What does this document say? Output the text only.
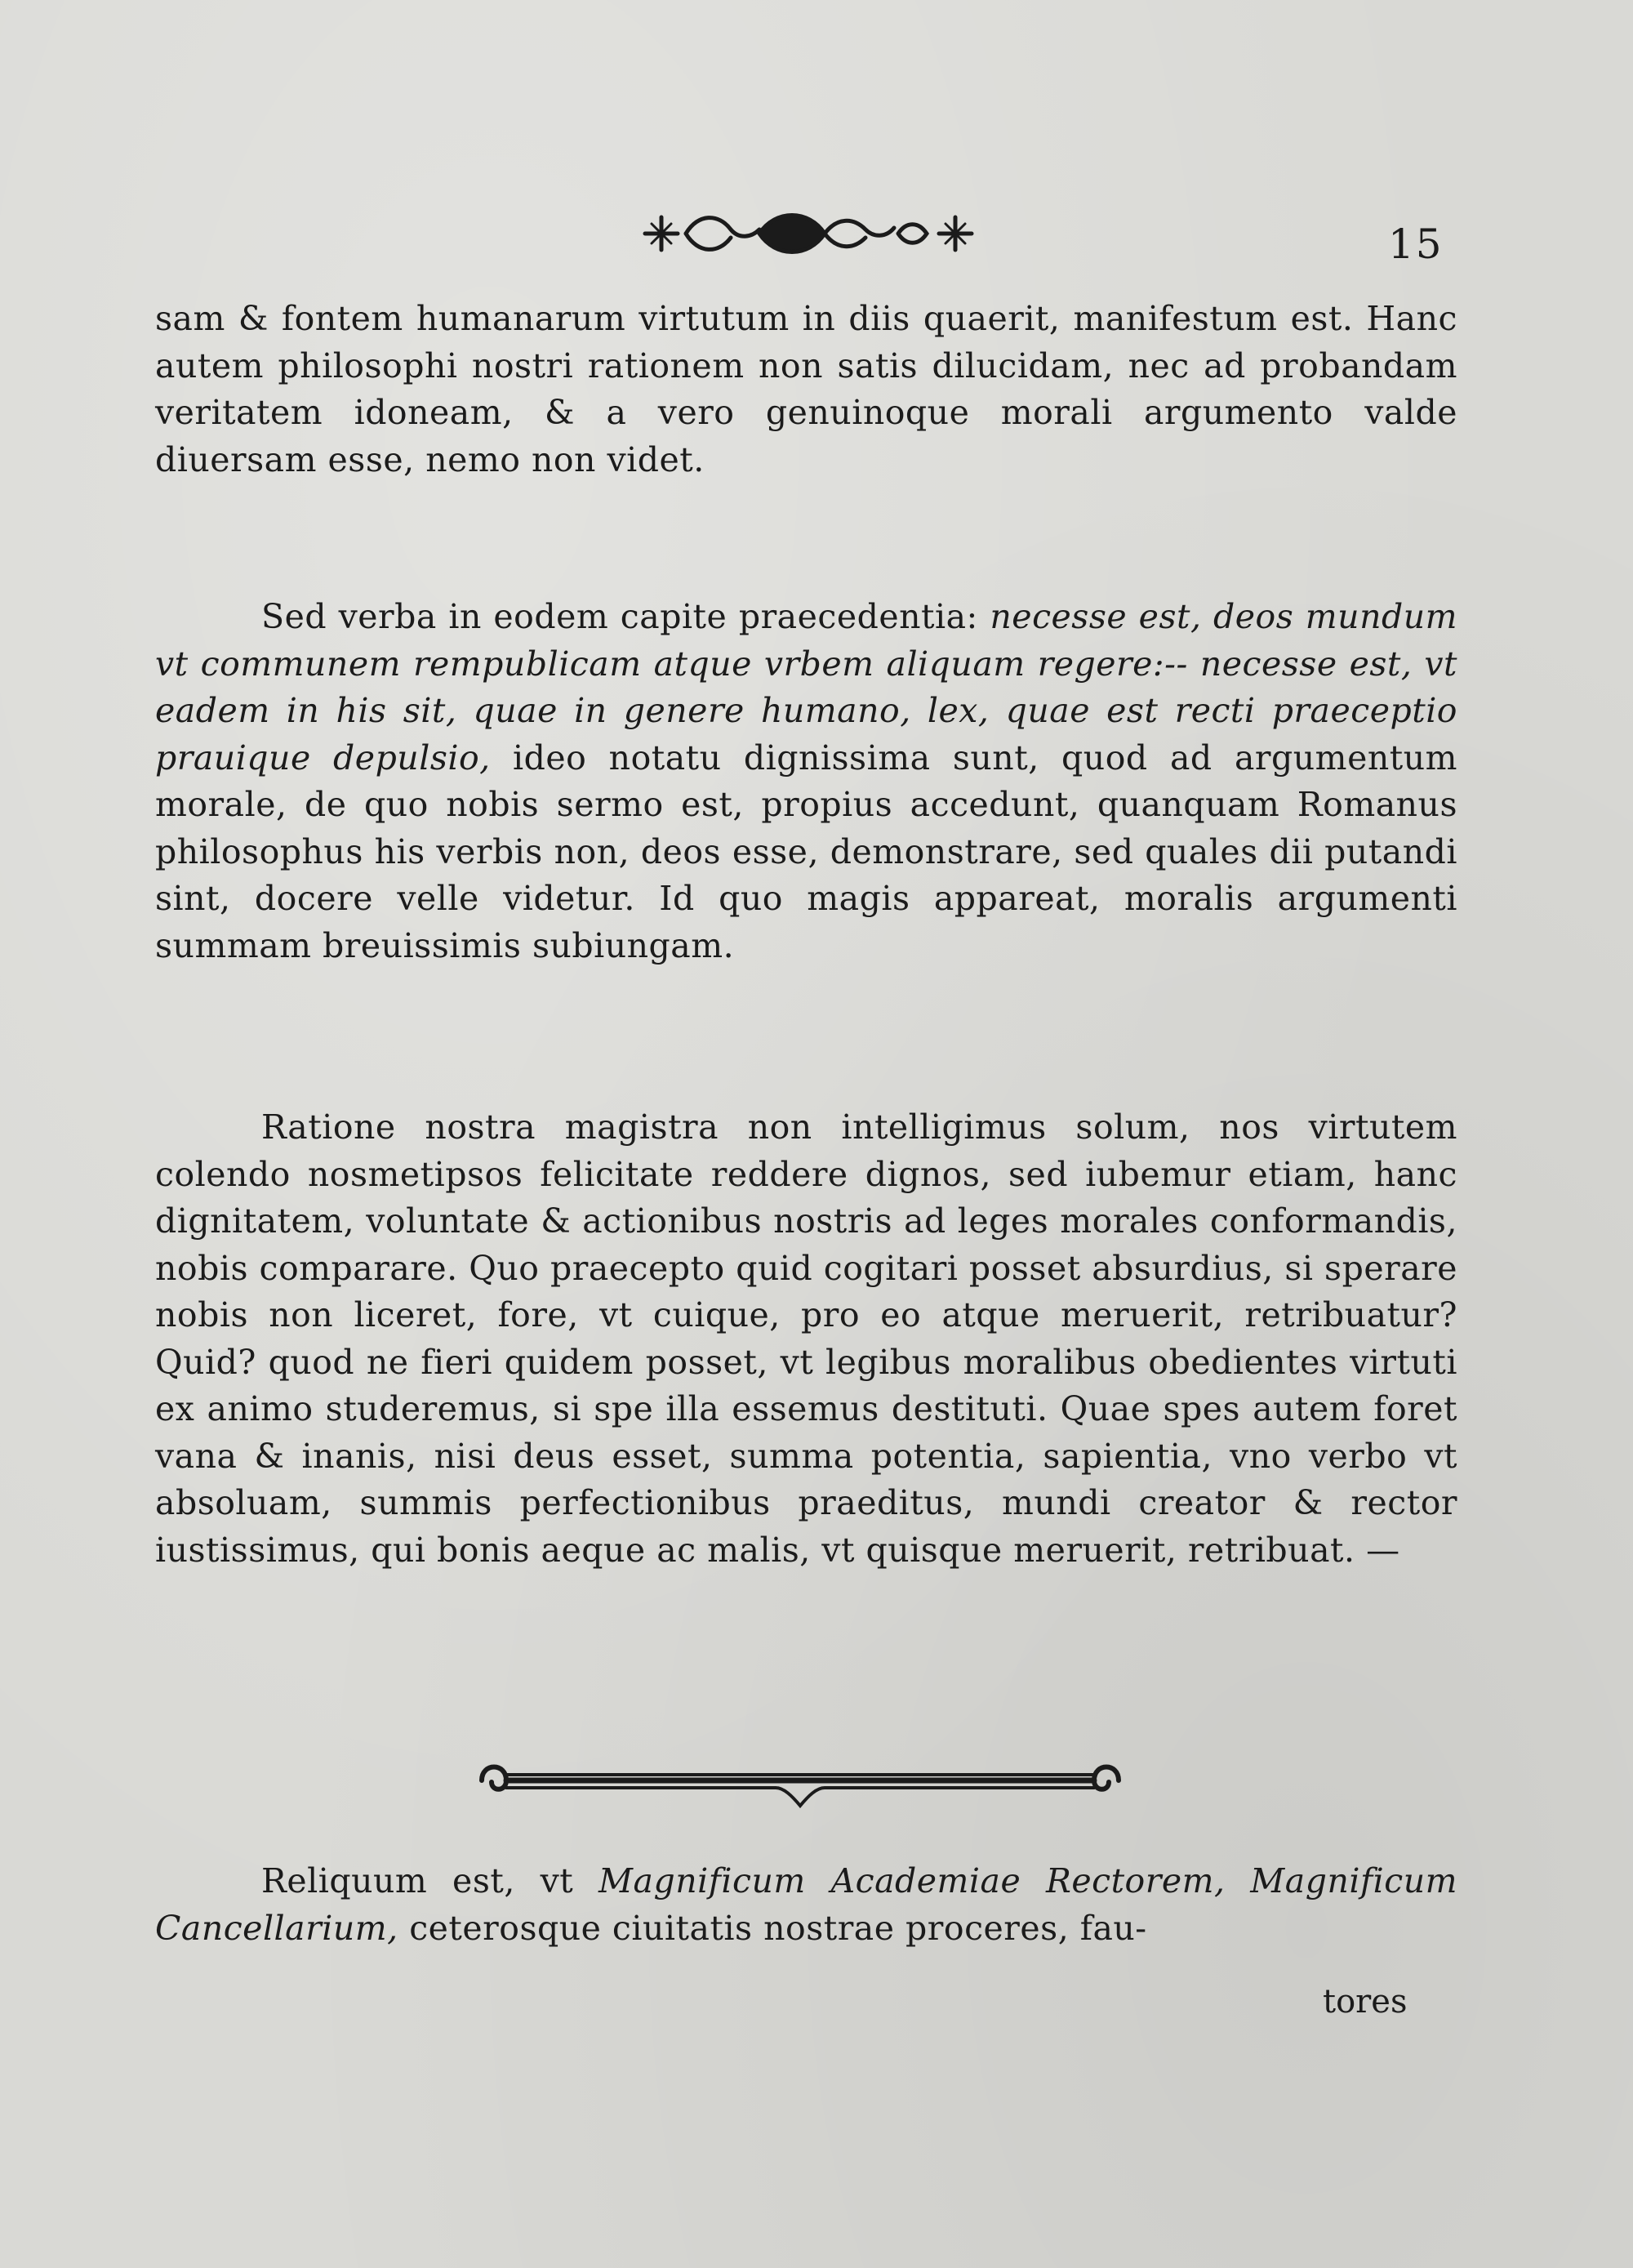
15

sam & fontem humanarum virtutum in diis quaerit, manifestum est. Hanc autem philosophi nostri rationem non satis dilucidam, nec ad probandam veritatem idoneam, & a vero genuinoque morali argumento valde diuersam esse, nemo non videt.

Sed verba in eodem capite praecedentia: necesse est, deos mundum vt communem rempublicam atque vrbem aliquam regere:-- necesse est, vt eadem in his sit, quae in genere humano, lex, quae est recti praeceptio prauique depulsio, ideo notatu dignissima sunt, quod ad argumentum morale, de quo nobis sermo est, propius accedunt, quanquam Romanus philosophus his verbis non, deos esse, demonstrare, sed quales dii putandi sint, docere velle videtur. Id quo magis appareat, moralis argumenti summam breuissimis subiungam.

Ratione nostra magistra non intelligimus solum, nos virtutem colendo nosmetipsos felicitate reddere dignos, sed iubemur etiam, hanc dignitatem, voluntate & actionibus nostris ad leges morales conformandis, nobis comparare. Quo praecepto quid cogitari posset absurdius, si sperare nobis non liceret, fore, vt cuique, pro eo atque meruerit, retribuatur? Quid? quod ne fieri quidem posset, vt legibus moralibus obedientes virtuti ex animo studeremus, si spe illa essemus destituti. Quae spes autem foret vana & inanis, nisi deus esset, summa potentia, sapientia, vno verbo vt absoluam, summis perfectionibus praeditus, mundi creator & rector iustissimus, qui bonis aeque ac malis, vt quisque meruerit, retribuat. —

Reliquum est, vt Magnificum Academiae Rectorem, Magnificum Cancellarium, ceterosque ciuitatis nostrae proceres, fau-

tores
